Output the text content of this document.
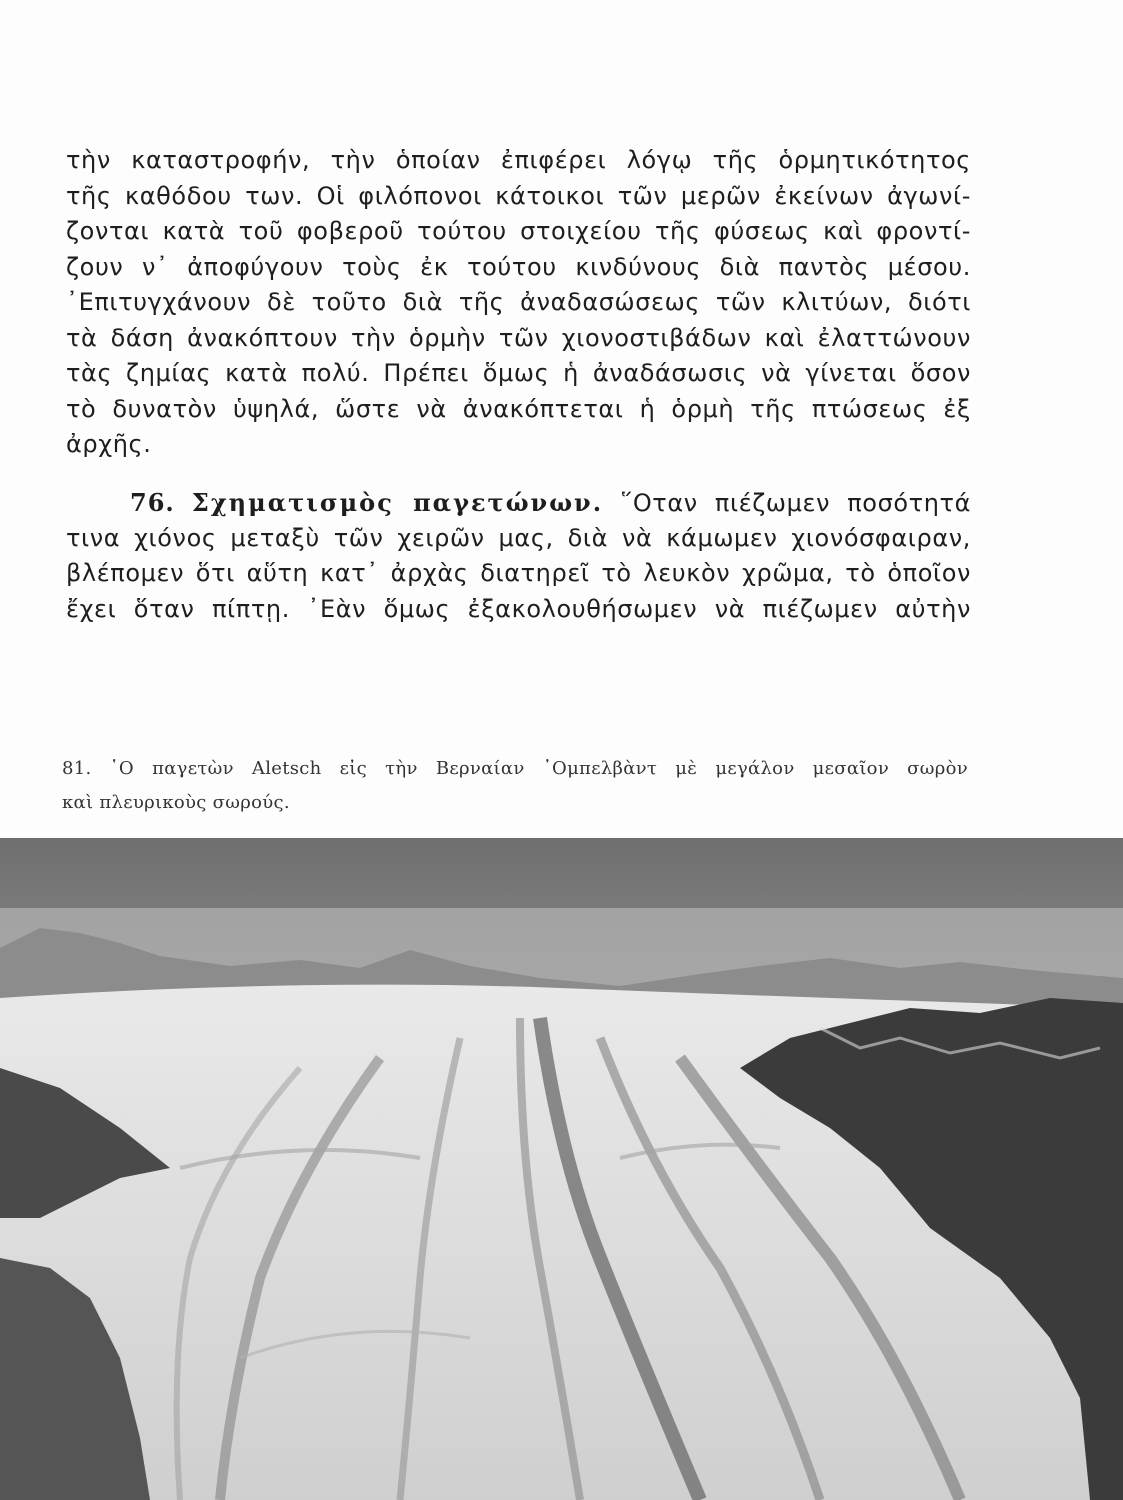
τὴν καταστροφήν, τὴν ὁποίαν ἐπιφέρει λόγῳ τῆς ὁρμητικότητος
τῆς καθόδου των. Οἱ φιλόπονοι κάτοικοι τῶν μερῶν ἐκείνων ἀγωνί-
ζονται κατὰ τοῦ φοβεροῦ τούτου στοιχείου τῆς φύσεως καὶ φροντί-
ζουν ν᾽ ἀποφύγουν τοὺς ἐκ τούτου κινδύνους διὰ παντὸς μέσου.
᾽Επιτυγχάνουν δὲ τοῦτο διὰ τῆς ἀναδασώσεως τῶν κλιτύων, διότι
τὰ δάση ἀνακόπτουν τὴν ὁρμὴν τῶν χιονοστιβάδων καὶ ἐλαττώνουν
τὰς ζημίας κατὰ πολύ. Πρέπει ὅμως ἡ ἀναδάσωσις νὰ γίνεται ὅσον
τὸ δυνατὸν ὑψηλά, ὥστε νὰ ἀνακόπτεται ἡ ὁρμὴ τῆς πτώσεως ἐξ
ἀρχῆς.
76. Σχηματισμὸς παγετώνων. ῞Οταν πιέζωμεν ποσότητά
τινα χιόνος μεταξὺ τῶν χειρῶν μας, διὰ νὰ κάμωμεν χιονόσφαιραν,
βλέπομεν ὅτι αὕτη κατ᾽ ἀρχὰς διατηρεῖ τὸ λευκὸν χρῶμα, τὸ ὁποῖον
ἔχει ὅταν πίπτῃ. ᾽Εὰν ὅμως ἐξακολουθήσωμεν νὰ πιέζωμεν αὐτὴν
81. ῾Ο παγετὼν Aletsch εἰς τὴν Βερναίαν ᾽Ομπελβὰντ μὲ μεγάλον μεσαῖον σωρὸν
καὶ πλευρικοὺς σωρούς.
